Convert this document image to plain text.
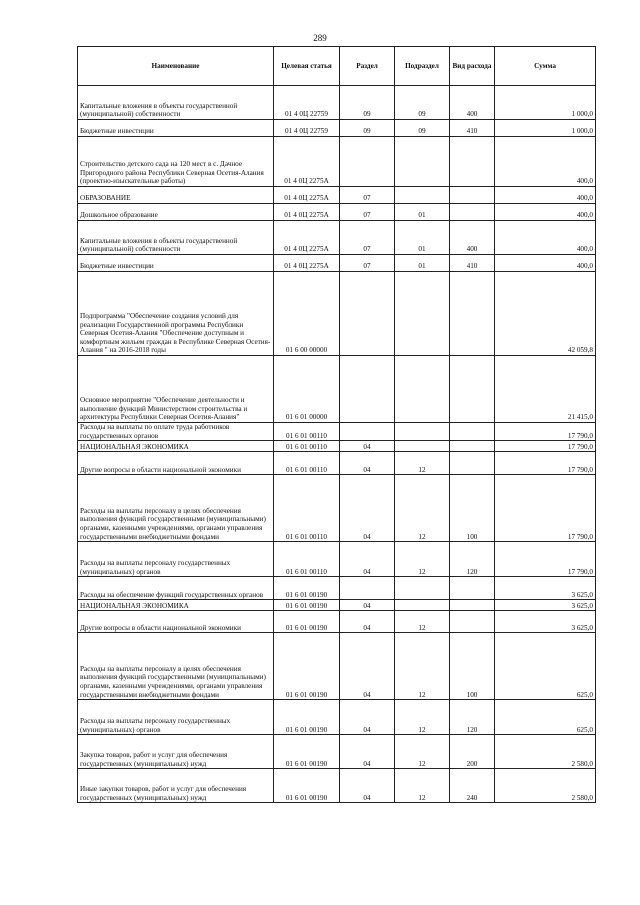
289
Наименование	Целевая статья	Раздел	Подраздел	Вид расхода	Сумма
Капитальные вложения в объекты государственной (муниципальной) собственности	01 4 0Ц 22759	09	09	400	1 000,0
Бюджетные инвестиции	01 4 0Ц 22759	09	09	410	1 000,0
Строительство детского сада на 120 мест в с. Дачное Пригородного района Республики Северная Осетия-Алания (проектно-изыскательные работы)	01 4 0Ц 2275А				400,0
ОБРАЗОВАНИЕ	01 4 0Ц 2275А	07			400,0
Дошкольное образование	01 4 0Ц 2275А	07	01		400,0
Капитальные вложения в объекты государственной (муниципальной) собственности	01 4 0Ц 2275А	07	01	400	400,0
Бюджетные инвестиции	01 4 0Ц 2275А	07	01	410	400,0
Подпрограмма "Обеспечение создания условий для реализации Государственной программы Республики Северная Осетия-Алания "Обеспечение доступным и комфортным жильем граждан в Республике Северная Осетия-Алания " на 2016-2018 годы	01 6 00 00000				42 059,8
Основное мероприятие "Обеспечение деятельности и выполнение функций Министерством строительства и архитектуры Республики Северная Осетия-Алания"	01 6 01 00000				21 415,0
Расходы на выплаты по оплате труда работников государственных органов	01 6 01 00110				17 790,0
НАЦИОНАЛЬНАЯ ЭКОНОМИКА	01 6 01 00110	04			17 790,0
Другие вопросы в области национальной экономики	01 6 01 00110	04	12		17 790,0
Расходы на выплаты персоналу в целях обеспечения выполнения функций государственными (муниципальными) органами, казенными учреждениями, органами управления государственными внебюджетными фондами	01 6 01 00110	04	12	100	17 790,0
Расходы на выплаты персоналу государственных (муниципальных) органов	01 6 01 00110	04	12	120	17 790,0
Расходы на обеспечение функций государственных органов	01 6 01 00190				3 625,0
НАЦИОНАЛЬНАЯ ЭКОНОМИКА	01 6 01 00190	04			3 625,0
Другие вопросы в области национальной экономики	01 6 01 00190	04	12		3 625,0
Расходы на выплаты персоналу в целях обеспечения выполнения функций государственными (муниципальными) органами, казенными учреждениями, органами управления государственными внебюджетными фондами	01 6 01 00190	04	12	100	625,0
Расходы на выплаты персоналу государственных (муниципальных) органов	01 6 01 00190	04	12	120	625,0
Закупка товаров, работ и услуг для обеспечения государственных (муниципальных) нужд	01 6 01 00190	04	12	200	2 580,0
Иные закупки товаров, работ и услуг для обеспечения государственных (муниципальных) нужд	01 6 01 00190	04	12	240	2 580,0
